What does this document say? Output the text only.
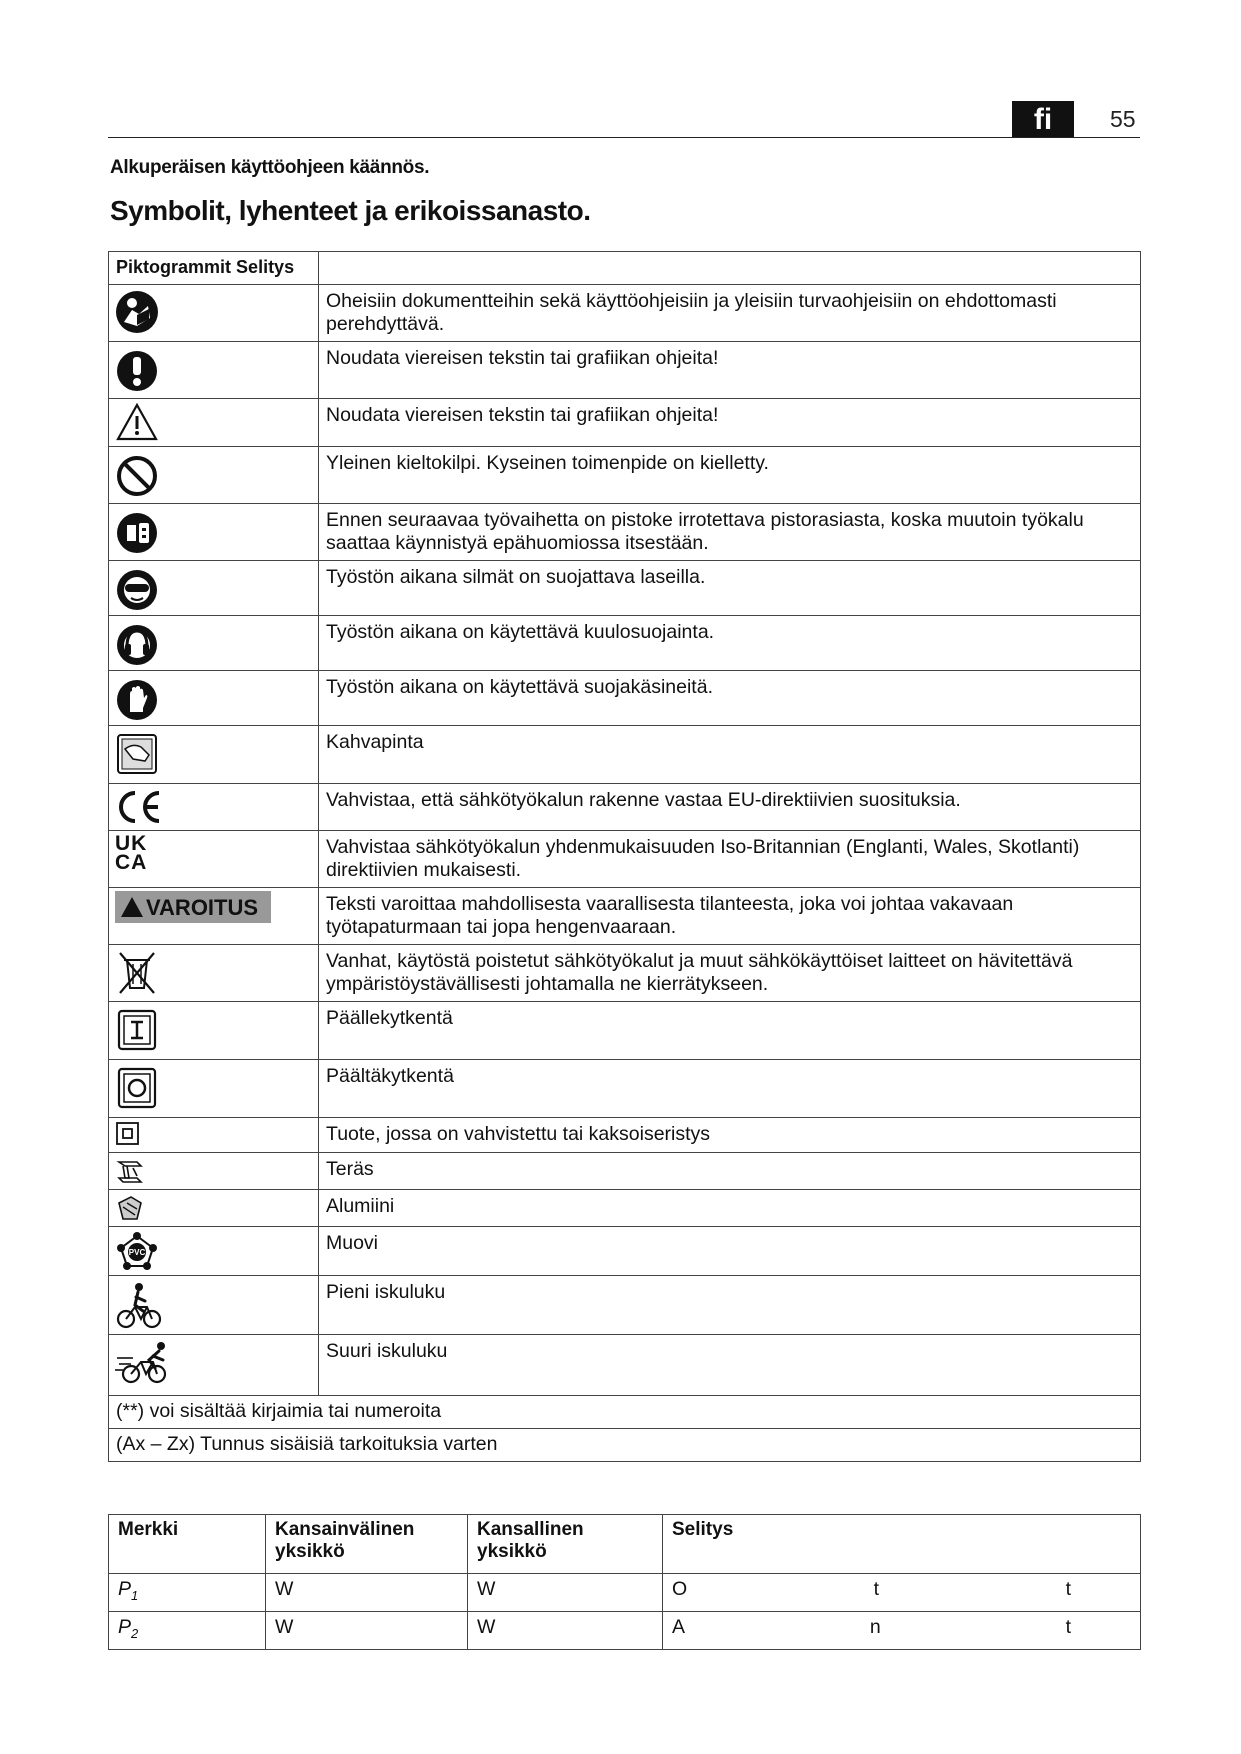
fi	55
Alkuperäisen käyttöohjeen käännös.
Symbolit, lyhenteet ja erikoissanasto.
Piktogrammit Selitys	

	Oheisiin dokumentteihin sekä käyttöohjeisiin ja yleisiin turvaohjeisiin on ehdottomasti perehdyttävä.

	Noudata viereisen tekstin tai grafiikan ohjeita!

	Noudata viereisen tekstin tai grafiikan ohjeita!

	Yleinen kieltokilpi. Kyseinen toimenpide on kielletty.

	Ennen seuraavaa työvaihetta on pistoke irrotettava pistorasiasta, koska muutoin työkalu saattaa käynnistyä epähuomiossa itsestään.

	Työstön aikana silmät on suojattava laseilla.

	Työstön aikana on käytettävä kuulosuojainta.

	Työstön aikana on käytettävä suojakäsineitä.

	Kahvapinta

	Vahvistaa, että sähkötyökalun rakenne vastaa EU-direktiivien suosituksia.

UK
CA	Vahvistaa sähkötyökalun yhdenmukaisuuden Iso-Britannian (Englanti, Wales, Skotlanti) direktiivien mukaisesti.

VAROITUS	Teksti varoittaa mahdollisesta vaarallisesta tilanteesta, joka voi johtaa vakavaan työtapaturmaan tai jopa hengenvaaraan.

	Vanhat, käytöstä poistetut sähkötyökalut ja muut sähkökäyttöiset laitteet on hävitettävä ympäristöystävällisesti johtamalla ne kierrätykseen.

	Päällekytkentä

	Päältäkytkentä

	Tuote, jossa on vahvistettu tai kaksoiseristys

	Teräs

	Alumiini

PVC	Muovi

	Pieni iskuluku

	Suuri iskuluku
(**) voi sisältää kirjaimia tai numeroita	
(Ax – Zx) Tunnus sisäisiä tarkoituksia varten	
Merkki	Kansainvälinen yksikkö	Kansallinen yksikkö	Selitys
$P_1$	W	W	O t t

$P_2$	W	W	A n t
